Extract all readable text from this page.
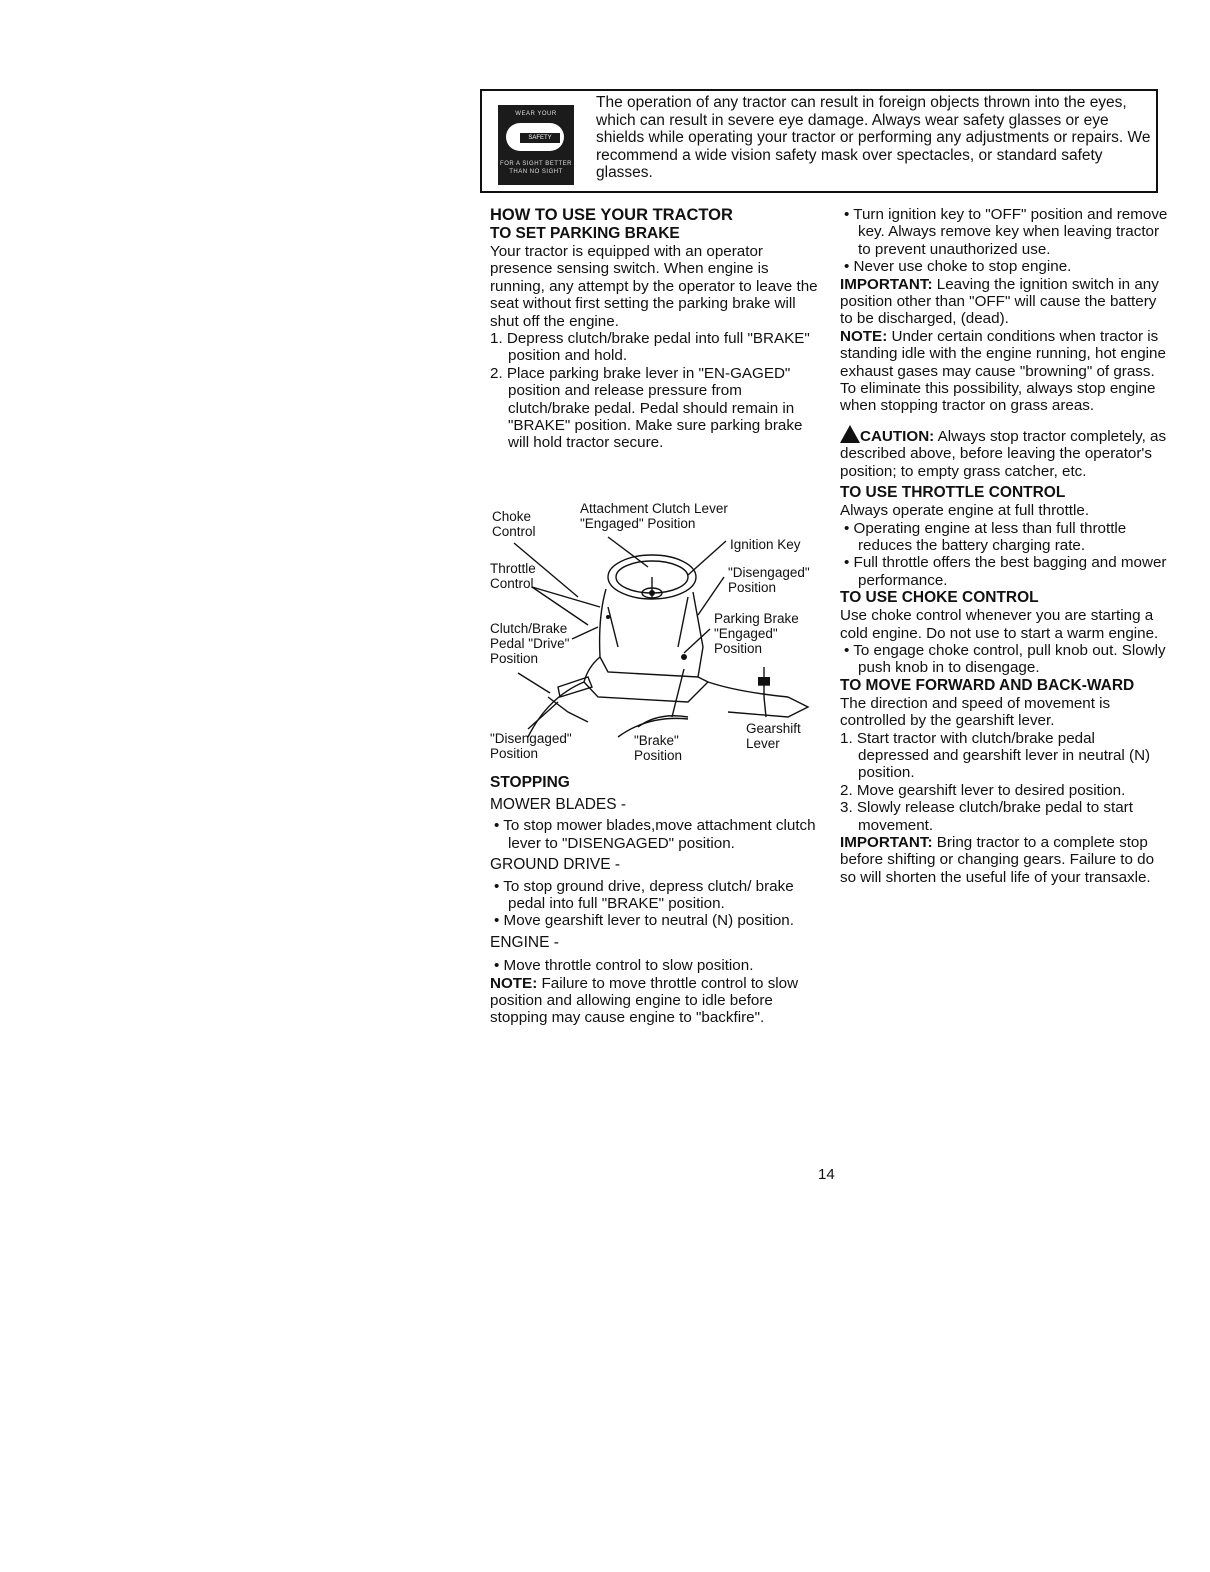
WEAR YOUR
SAFETY GLASSES
FOR A SIGHT BETTER
THAN NO SIGHT
The operation of any tractor can result in foreign objects thrown into the eyes, which can result in severe eye damage. Always wear safety glasses or eye shields while operating your tractor or performing any adjustments or repairs. We recommend a wide vision safety mask over spectacles, or standard safety glasses.

HOW TO USE YOUR TRACTOR

TO SET PARKING BRAKE

Your tractor is equipped with an operator presence sensing switch. When engine is running, any attempt by the operator to leave the seat without first setting the parking brake will shut off the engine.

1. Depress clutch/brake pedal into full "BRAKE" position and hold.

2. Place parking brake lever in "EN-GAGED" position and release pressure from clutch/brake pedal. Pedal should remain in "BRAKE" position. Make sure parking brake will hold tractor secure.

Choke
Control
Attachment Clutch Lever
"Engaged" Position
Ignition Key
"Disengaged"
Position
Throttle
Control
Parking Brake
"Engaged"
Position
Clutch/Brake
Pedal "Drive"
Position
"Disengaged"
Position
"Brake"
Position
Gearshift
Lever

STOPPING

MOWER BLADES -

• To stop mower blades,move attachment clutch lever to "DISENGAGED" position.

GROUND DRIVE -

• To stop ground drive, depress clutch/ brake pedal into full "BRAKE" position.

• Move gearshift lever to neutral (N) position.

ENGINE -

• Move throttle control to slow position.

NOTE: Failure to move throttle control to slow position and allowing engine to idle before stopping may cause engine to "backfire".

• Turn ignition key to "OFF" position and remove key. Always remove key when leaving tractor to prevent unauthorized use.

• Never use choke to stop engine.

IMPORTANT: Leaving the ignition switch in any position other than "OFF" will cause the battery to be discharged, (dead).

NOTE: Under certain conditions when tractor is standing idle with the engine running, hot engine exhaust gases may cause "browning" of grass. To eliminate this possibility, always stop engine when stopping tractor on grass areas.

CAUTION: Always stop tractor completely, as described above, before leaving the operator's position; to empty grass catcher, etc.

TO USE THROTTLE CONTROL

Always operate engine at full throttle.

• Operating engine at less than full throttle reduces the battery charging rate.

• Full throttle offers the best bagging and mower performance.

TO USE CHOKE CONTROL

Use choke control whenever you are starting a cold engine. Do not use to start a warm engine.

• To engage choke control, pull knob out. Slowly push knob in to disengage.

TO MOVE FORWARD AND BACK-WARD

The direction and speed of movement is controlled by the gearshift lever.

1. Start tractor with clutch/brake pedal depressed and gearshift lever in neutral (N) position.

2. Move gearshift lever to desired position.

3. Slowly release clutch/brake pedal to start movement.

IMPORTANT: Bring tractor to a complete stop before shifting or changing gears. Failure to do so will shorten the useful life of your transaxle.

14
